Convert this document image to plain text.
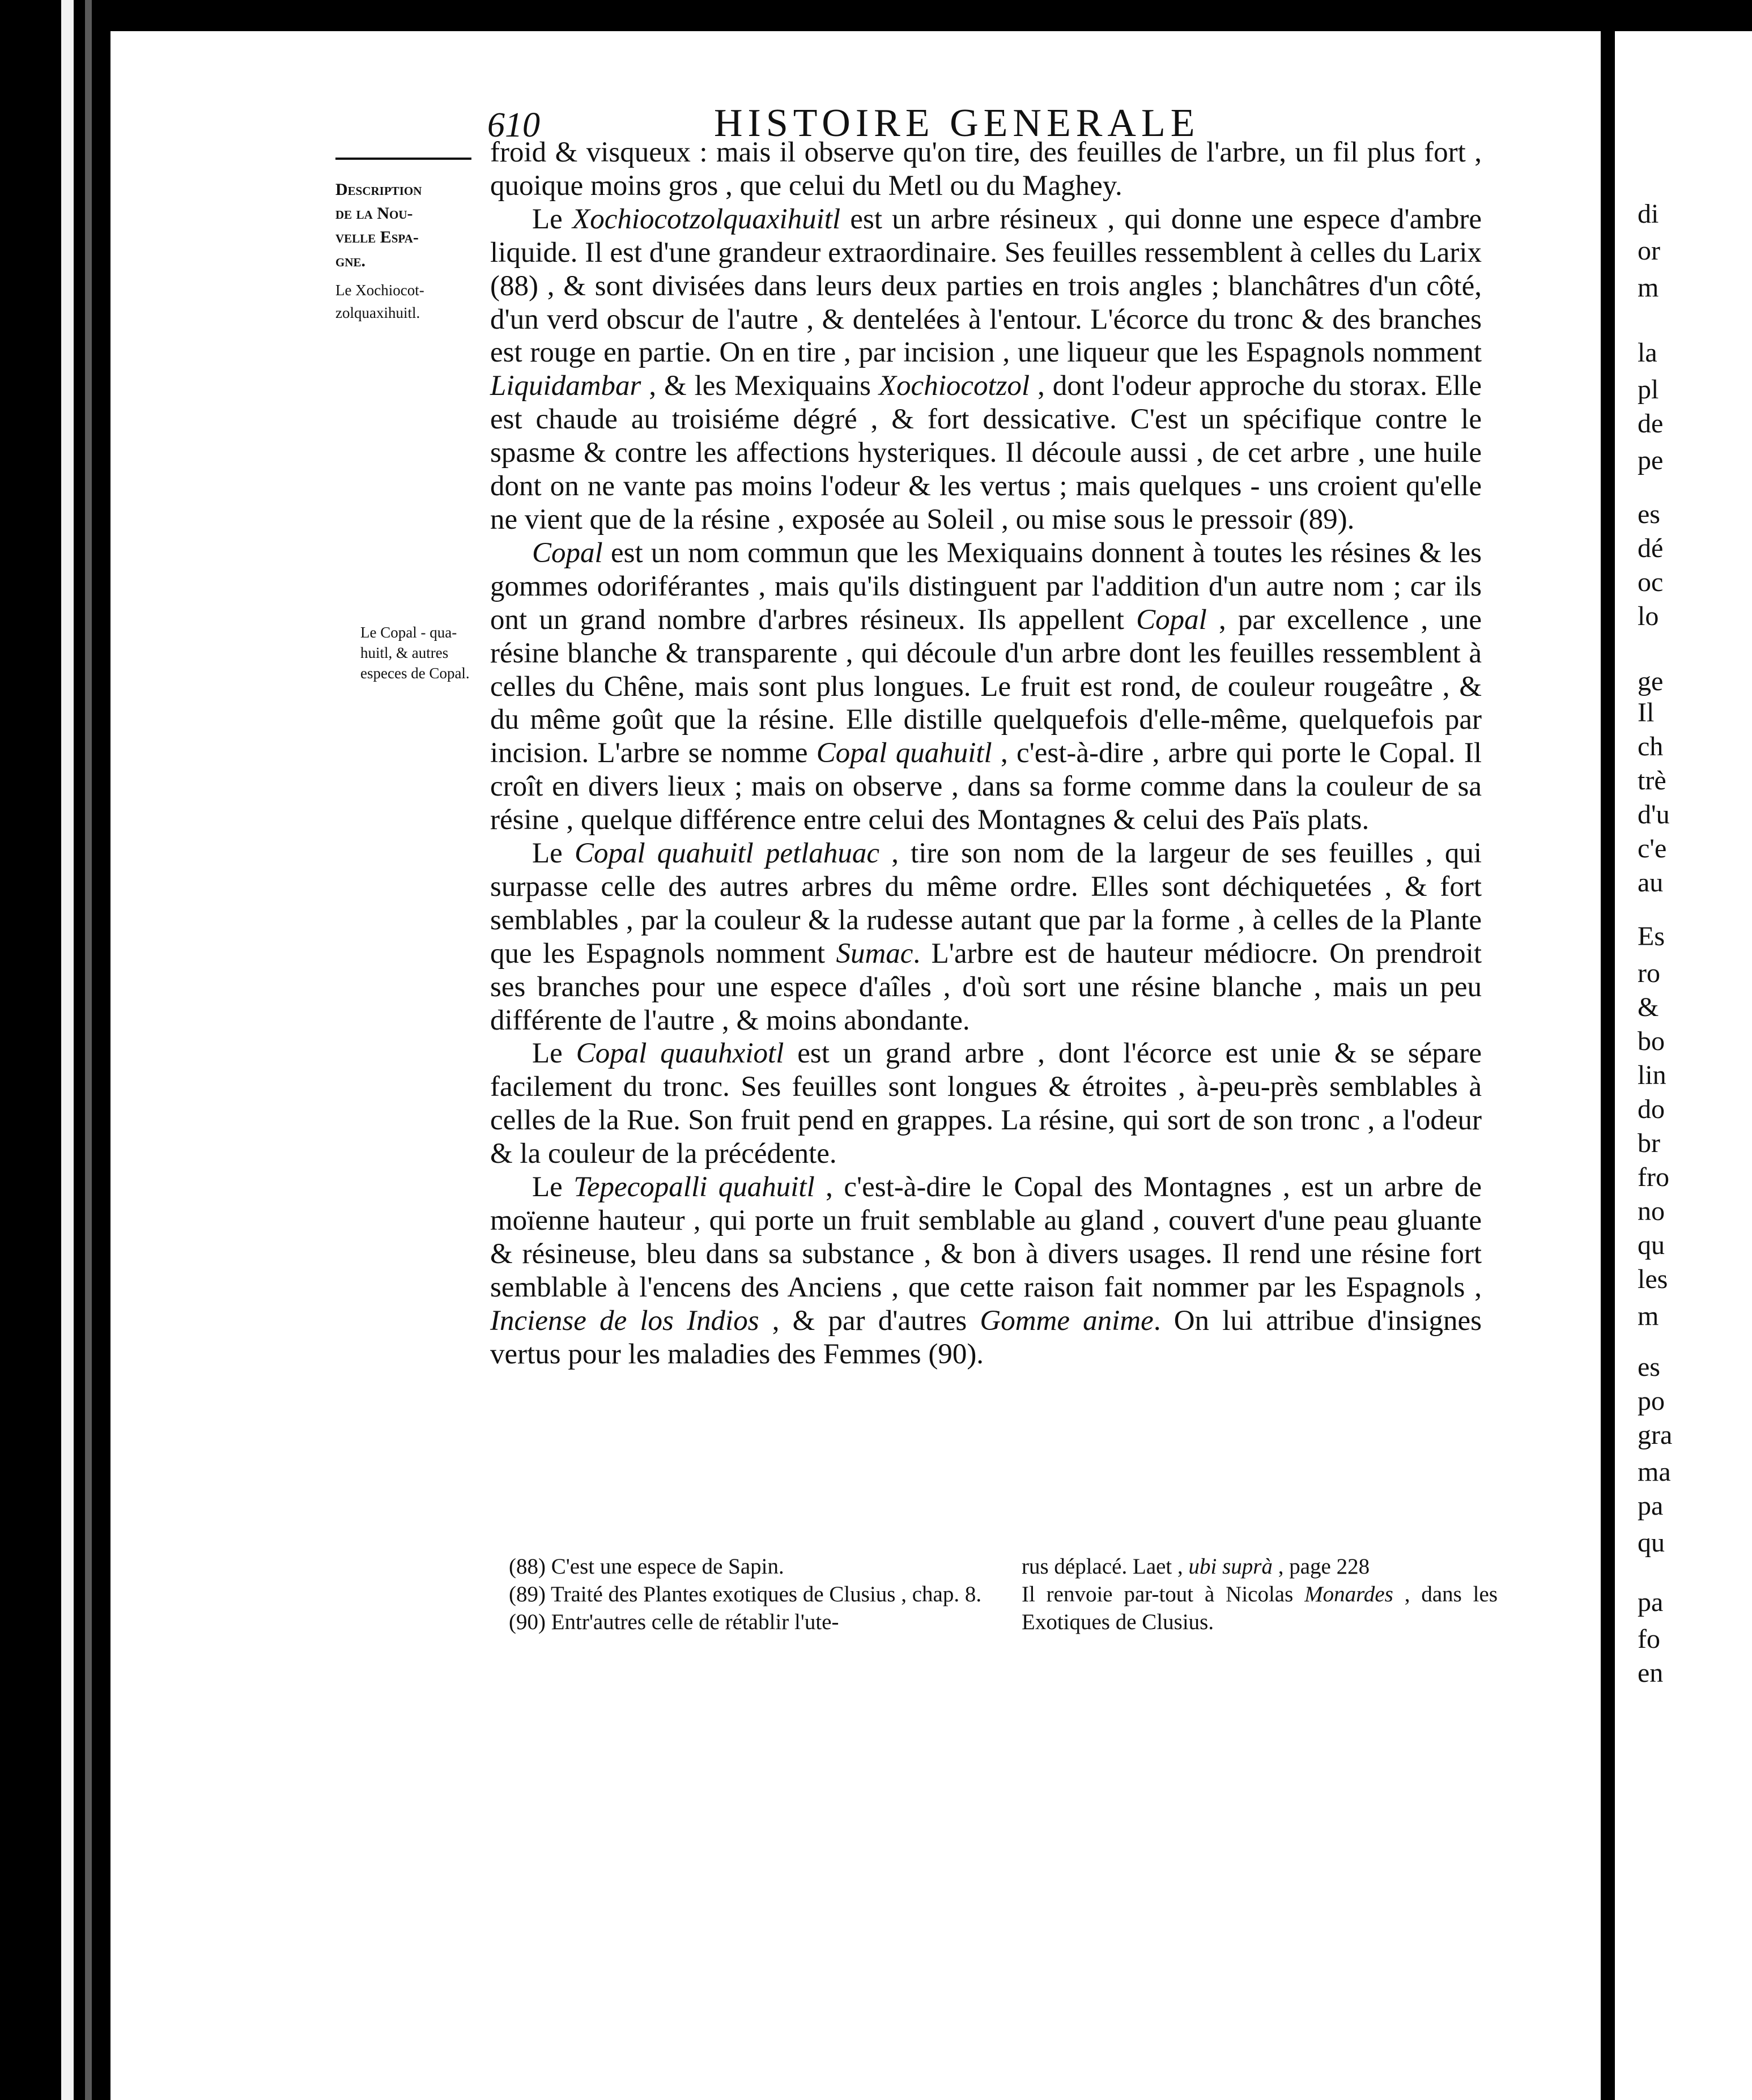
610	HISTOIRE GENERALE
Description
de la Nou-
velle Espa-
gne.
Le Xochiocot-
zolquaxihuitl.
Le Copal - qua-
huitl, & autres
especes de Copal.

froid & visqueux : mais il observe qu'on tire, des feuilles de l'arbre, un fil plus fort , quoique moins gros , que celui du Metl ou du Maghey.

Le Xochiocotzolquaxihuitl est un arbre résineux , qui donne une espece d'ambre liquide. Il est d'une grandeur extraordinaire. Ses feuilles ressemblent à celles du Larix (88) , & sont divisées dans leurs deux parties en trois angles ; blanchâtres d'un côté, d'un verd obscur de l'autre , & dentelées à l'entour. L'écorce du tronc & des branches est rouge en partie. On en tire , par incision , une liqueur que les Espagnols nomment Liquidambar , & les Mexiquains Xochiocotzol , dont l'odeur approche du storax. Elle est chaude au troisiéme dégré , & fort dessicative. C'est un spécifique contre le spasme & contre les affections hysteriques. Il découle aussi , de cet arbre , une huile dont on ne vante pas moins l'odeur & les vertus ; mais quelques - uns croient qu'elle ne vient que de la résine , exposée au Soleil , ou mise sous le pressoir (89).

Copal est un nom commun que les Mexiquains donnent à toutes les résines & les gommes odoriférantes , mais qu'ils distinguent par l'addition d'un autre nom ; car ils ont un grand nombre d'arbres résineux. Ils appellent Copal , par excellence , une résine blanche & transparente , qui découle d'un arbre dont les feuilles ressemblent à celles du Chêne, mais sont plus longues. Le fruit est rond, de couleur rougeâtre , & du même goût que la résine. Elle distille quelquefois d'elle-même, quelquefois par incision. L'arbre se nomme Copal quahuitl , c'est-à-dire , arbre qui porte le Copal. Il croît en divers lieux ; mais on observe , dans sa forme comme dans la couleur de sa résine , quelque différence entre celui des Montagnes & celui des Païs plats.

Le Copal quahuitl petlahuac , tire son nom de la largeur de ses feuilles , qui surpasse celle des autres arbres du même ordre. Elles sont déchiquetées , & fort semblables , par la couleur & la rudesse autant que par la forme , à celles de la Plante que les Espagnols nomment Sumac. L'arbre est de hauteur médiocre. On prendroit ses branches pour une espece d'aîles , d'où sort une résine blanche , mais un peu différente de l'autre , & moins abondante.

Le Copal quauhxiotl est un grand arbre , dont l'écorce est unie & se sépare facilement du tronc. Ses feuilles sont longues & étroites , à-peu-près semblables à celles de la Rue. Son fruit pend en grappes. La résine, qui sort de son tronc , a l'odeur & la couleur de la précédente.

Le Tepecopalli quahuitl , c'est-à-dire le Copal des Montagnes , est un arbre de moïenne hauteur , qui porte un fruit semblable au gland , couvert d'une peau gluante & résineuse, bleu dans sa substance , & bon à divers usages. Il rend une résine fort semblable à l'encens des Anciens , que cette raison fait nommer par les Espagnols , Inciense de los Indios , & par d'autres Gomme anime. On lui attribue d'insignes vertus pour les maladies des Femmes (90).

(88) C'est une espece de Sapin.

(89) Traité des Plantes exotiques de Clusius , chap. 8.

(90) Entr'autres celle de rétablir l'ute-

rus déplacé. Laet , ubi suprà , page 228

Il renvoie par-tout à Nicolas Monardes , dans les Exotiques de Clusius.

di
or
m
la
pl
de
pe
es
dé
oc
lo
ge
Il
ch
trè
d'u
c'e
au
Es
ro
&
bo
lin
do
br
fro
no
qu
les
m
es
po
gra
ma
pa
qu
pa
fo
en
